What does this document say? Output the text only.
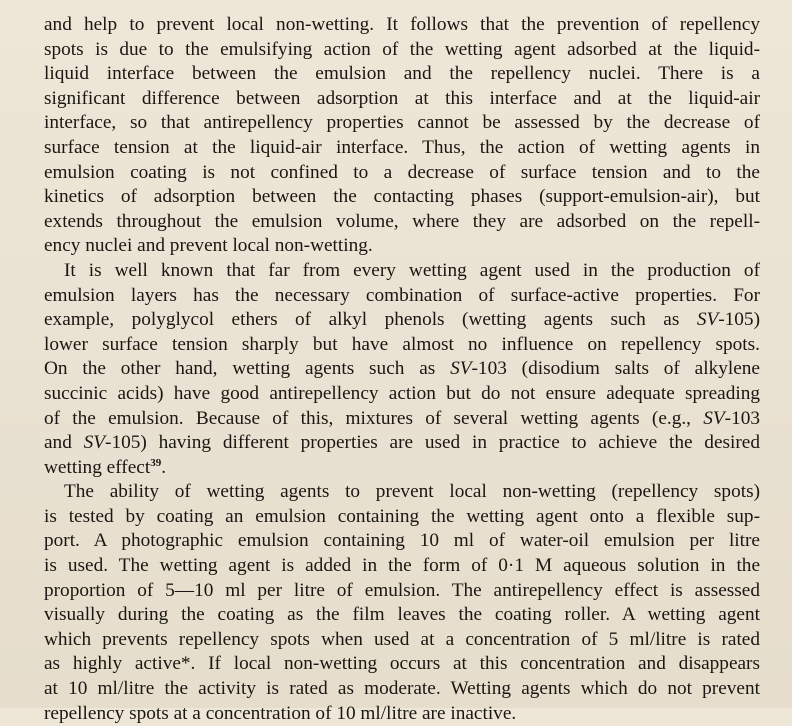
and help to prevent local non-wetting. It follows that the prevention of repellency
spots is due to the emulsifying action of the wetting agent adsorbed at the liquid-
liquid interface between the emulsion and the repellency nuclei. There is a
significant difference between adsorption at this interface and at the liquid-air
interface, so that antirepellency properties cannot be assessed by the decrease of
surface tension at the liquid-air interface. Thus, the action of wetting agents in
emulsion coating is not confined to a decrease of surface tension and to the
kinetics of adsorption between the contacting phases (support-emulsion-air), but
extends throughout the emulsion volume, where they are adsorbed on the repell-
ency nuclei and prevent local non-wetting.

It is well known that far from every wetting agent used in the production of
emulsion layers has the necessary combination of surface-active properties. For
example, polyglycol ethers of alkyl phenols (wetting agents such as SV-105)
lower surface tension sharply but have almost no influence on repellency spots.
On the other hand, wetting agents such as SV-103 (disodium salts of alkylene
succinic acids) have good antirepellency action but do not ensure adequate spreading
of the emulsion. Because of this, mixtures of several wetting agents (e.g., SV-103
and SV-105) having different properties are used in practice to achieve the desired
wetting effect$^{39}$.

The ability of wetting agents to prevent local non-wetting (repellency spots)
is tested by coating an emulsion containing the wetting agent onto a flexible sup-
port. A photographic emulsion containing 10 ml of water-oil emulsion per litre
is used. The wetting agent is added in the form of 0·1 M aqueous solution in the
proportion of 5—10 ml per litre of emulsion. The antirepellency effect is assessed
visually during the coating as the film leaves the coating roller. A wetting agent
which prevents repellency spots when used at a concentration of 5 ml/litre is rated
as highly active*. If local non-wetting occurs at this concentration and disappears
at 10 ml/litre the activity is rated as moderate. Wetting agents which do not prevent
repellency spots at a concentration of 10 ml/litre are inactive.
